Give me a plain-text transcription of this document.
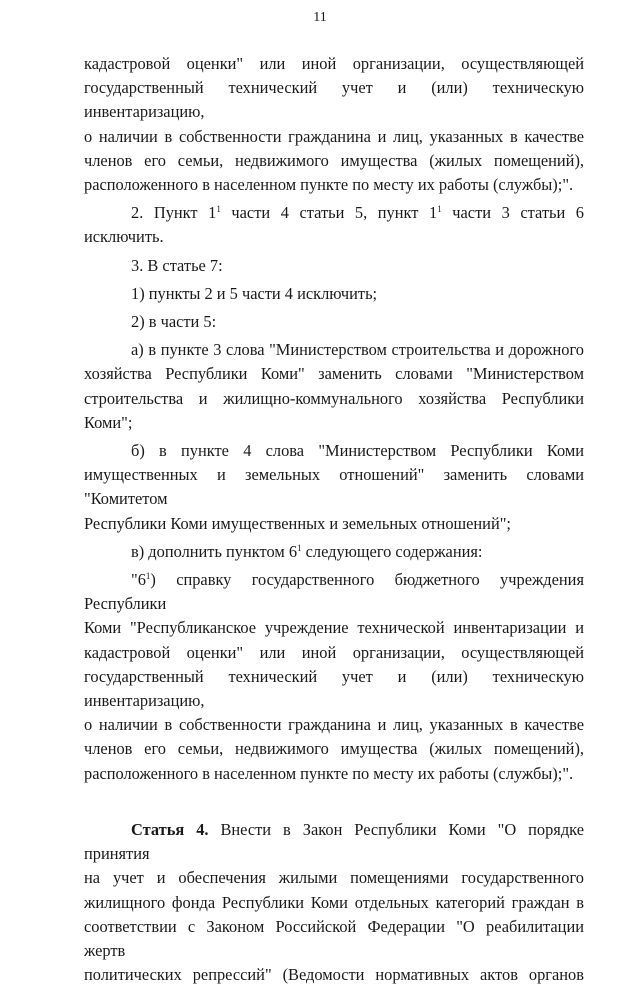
11
кадастровой оценки" или иной организации, осуществляющей
государственный технический учет и (или) техническую инвентаризацию,
о наличии в собственности гражданина и лиц, указанных в качестве
членов его семьи, недвижимого имущества (жилых помещений),
расположенного в населенном пункте по месту их работы (службы);".
2. Пункт $1^1$ части 4 статьи 5, пункт $1^1$ части 3 статьи 6 исключить.
3. В статье 7:
1) пункты 2 и 5 части 4 исключить;
2) в части 5:
а) в пункте 3 слова "Министерством строительства и дорожного
хозяйства Республики Коми" заменить словами "Министерством
строительства и жилищно-коммунального хозяйства Республики Коми";
б) в пункте 4 слова "Министерством Республики Коми
имущественных и земельных отношений" заменить словами "Комитетом
Республики Коми имущественных и земельных отношений";
в) дополнить пунктом $6^1$ следующего содержания:
"$6^1$) справку государственного бюджетного учреждения Республики
Коми "Республиканское учреждение технической инвентаризации и
кадастровой оценки" или иной организации, осуществляющей
государственный технический учет и (или) техническую инвентаризацию,
о наличии в собственности гражданина и лиц, указанных в качестве
членов его семьи, недвижимого имущества (жилых помещений),
расположенного в населенном пункте по месту их работы (службы);".
Статья 4. Внести в Закон Республики Коми "О порядке принятия
на учет и обеспечения жилыми помещениями государственного
жилищного фонда Республики Коми отдельных категорий граждан в
соответствии с Законом Российской Федерации "О реабилитации жертв
политических репрессий" (Ведомости нормативных актов органов
